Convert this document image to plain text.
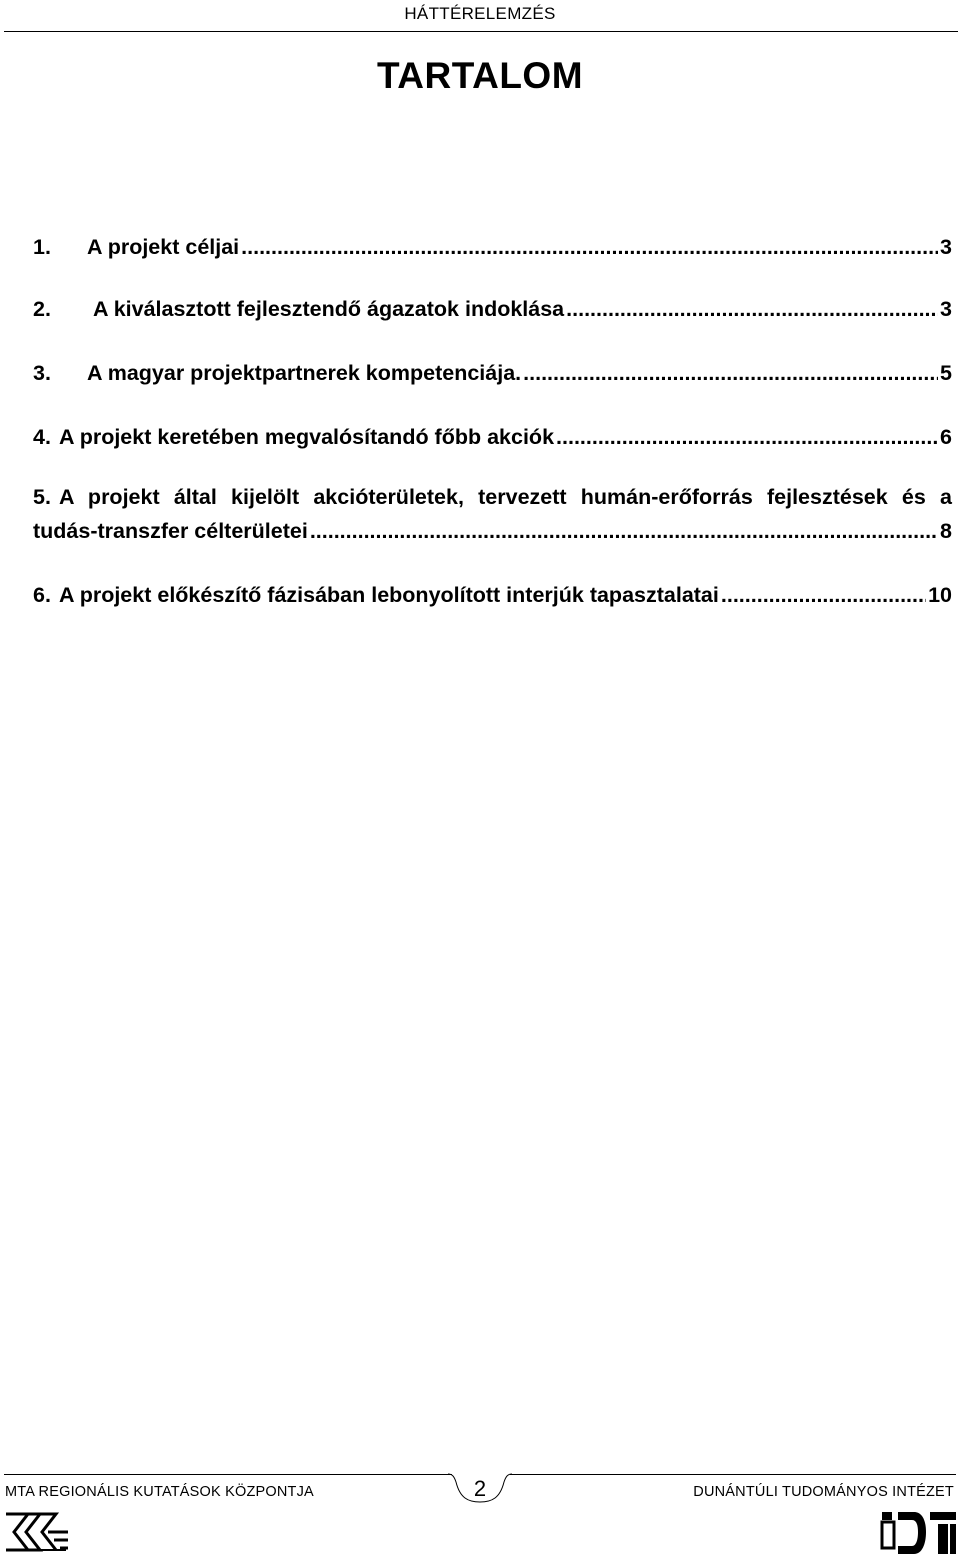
HÁTTÉRELEMZÉS
TARTALOM
1.	A projekt céljai .....	3
2.	A kiválasztott fejlesztendő ágazatok indoklása .....	3
3.	A magyar projektpartnerek kompetenciája. .....	5
4. A projekt keretében megvalósítandó főbb akciók .....	6
5. A projekt által kijelölt akcióterületek, tervezett humán-erőforrás fejlesztések és a
tudás-transzfer célterületei .....	8
6. A projekt előkészítő fázisában lebonyolított interjúk tapasztalatai .....	10
2
MTA REGIONÁLIS KUTATÁSOK KÖZPONTJA	DUNÁNTÚLI TUDOMÁNYOS INTÉZET
